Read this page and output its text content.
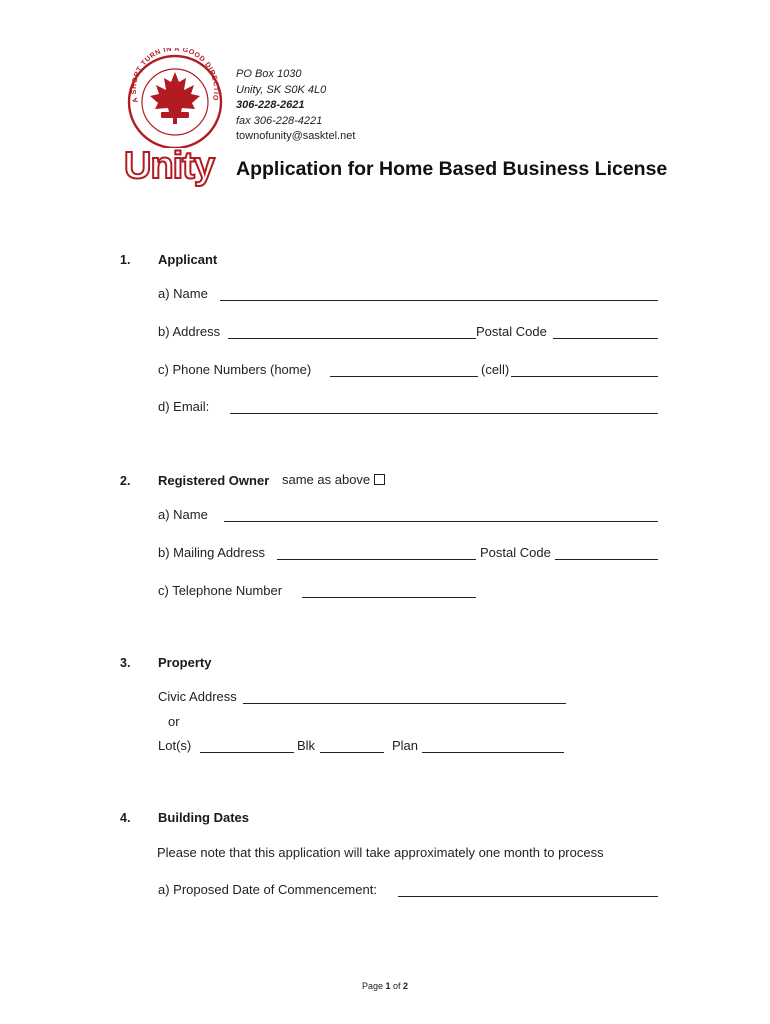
A SHORT TURN IN A GOOD DIRECTIO
Unity
PO Box 1030
Unity, SK S0K 4L0
306-228-2621
fax 306-228-4221
townofunity@sasktel.net
Application for Home Based Business License
1. Applicant
a) Name
b) Address	Postal Code
c) Phone Numbers (home)	(cell)
d) Email:
2. Registered Owner same as above
a) Name
b) Mailing Address	Postal Code
c) Telephone Number
3. Property
Civic Address
or
Lot(s)	Blk	Plan
4. Building Dates
Please note that this application will take approximately one month to process
a) Proposed Date of Commencement:
Page 1 of 2
